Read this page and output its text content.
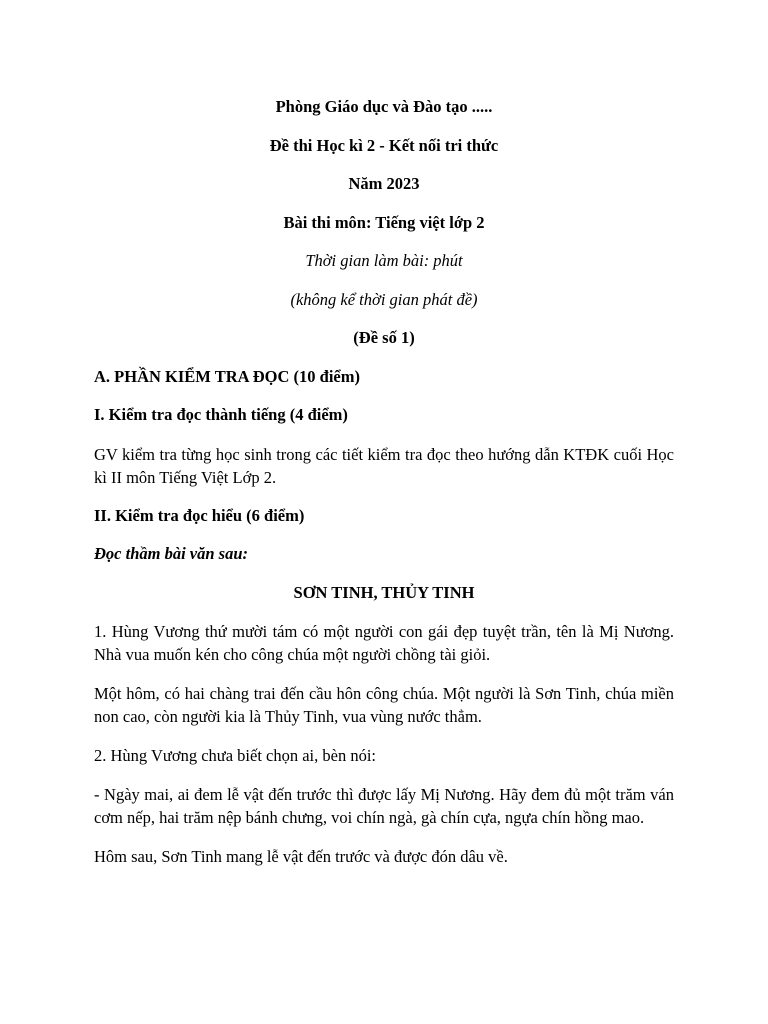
Phòng Giáo dục và Đào tạo .....

Đề thi Học kì 2 - Kết nối tri thức

Năm 2023

Bài thi môn: Tiếng việt lớp 2

Thời gian làm bài: phút

(không kể thời gian phát đề)

(Đề số 1)

A. PHẦN KIỂM TRA ĐỌC (10 điểm)

I. Kiểm tra đọc thành tiếng (4 điểm)

GV kiểm tra từng học sinh trong các tiết kiểm tra đọc theo hướng dẫn KTĐK cuối Học kì II môn Tiếng Việt Lớp 2.

II. Kiểm tra đọc hiểu (6 điểm)

Đọc thầm bài văn sau:

SƠN TINH, THỦY TINH

1. Hùng Vương thứ mười tám có một người con gái đẹp tuyệt trần, tên là Mị Nương. Nhà vua muốn kén cho công chúa một người chồng tài giỏi.

Một hôm, có hai chàng trai đến cầu hôn công chúa. Một người là Sơn Tinh, chúa miền non cao, còn người kia là Thủy Tinh, vua vùng nước thẳm.

2. Hùng Vương chưa biết chọn ai, bèn nói:

- Ngày mai, ai đem lễ vật đến trước thì được lấy Mị Nương. Hãy đem đủ một trăm ván cơm nếp, hai trăm nệp bánh chưng, voi chín ngà, gà chín cựa, ngựa chín hồng mao.

Hôm sau, Sơn Tinh mang lễ vật đến trước và được đón dâu về.
